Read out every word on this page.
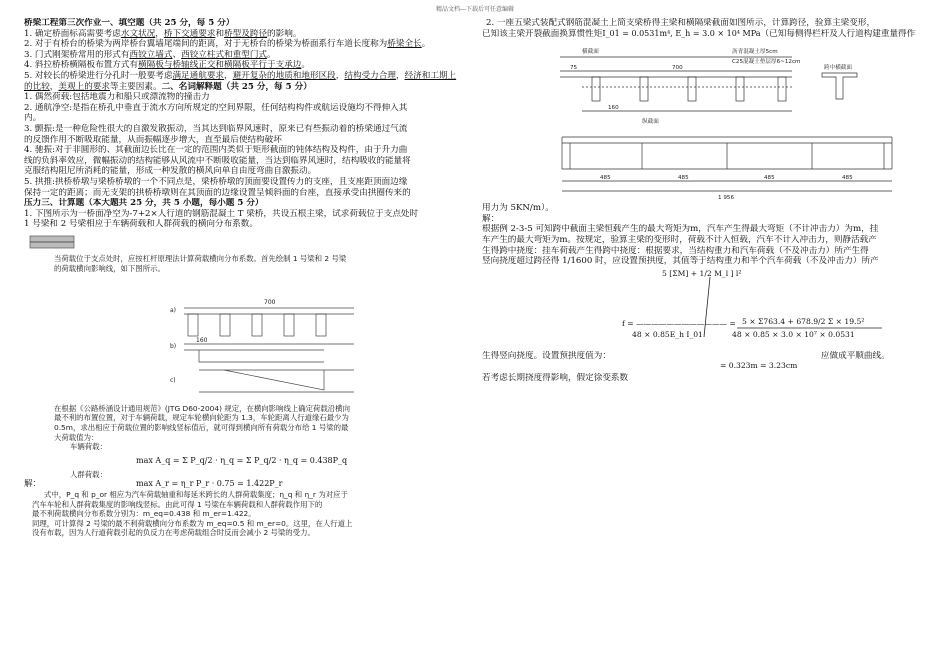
精品文档---下载后可任意编辑
桥梁工程第三次作业一、填空题（共 25 分，每 5 分）
1. 确定桥面标高需要考虑水文状况，桥下交通要求和桥型及跨径的影响。
2. 对于有桥台的桥梁为两岸桥台翼墙尾端间的距离，对于无桥台的桥梁为桥面系行车道长度称为桥梁全长。
3. 门式刚架桥常用的形式有西铰立墙式、西铰立柱式和重型门式。
4. 斜拉桥桥横隔板布置方式有横隔板与桥轴线正交和横隔板平行于支承边。
5. 对较长的桥梁进行分孔时一般要考虑满足通航要求，避开复杂的地质和地形区段，结构受力合理，经济和工期上的比较，美观上的要求等主要因素。二、名词解释题（共 25 分，每 5 分）
1. 偶然荷载:包括地震力和船只或漂流物的撞击力
2. 通航净空:是指在桥孔中垂直于流水方向所规定的空间界限，任何结构构件或航运设施均不得伸入其
内。
3. 颤振:是一种危险性很大的自激发散振动，当其达到临界风速时，原来已有些振动着的桥梁通过气流
的反馈作用不断吸取能量，从而振幅逐步增大，直至最后使结构破坏
4. 驰振:对于非圆形的、其截面边长比在一定的范围内类似于矩形截面的钝体结构及构件，由于升力曲
线的负斜率效应，微幅振动的结构能够从风流中不断吸收能量，当达到临界风速时，结构吸收的能量将
克服结构阻尼所消耗的能量，形成一种发散的横风向单自由度弯曲自激振动。
5. 拱推:拱桥桥墩与梁桥桥墩的一个不同点是，梁桥桥墩的顶面要设置传力的支座，且支座距顶面边缘
保持一定的距离；而无支架的拱桥桥墩则在其顶面的边缘设置呈倾斜面的台座，直接承受由拱圈传来的
压力三、计算题（本大题共 25 分，共 5 小题，每小题 5 分）
1. 下图所示为一桥面净空为-7+2×人行道的钢筋混凝土 T 梁桥，共设五根主梁，试求荷载位于支点处时
1 号梁和 2 号梁相应于车辆荷载和人群荷载的横向分布系数。
a)
b)
c)
700
160
当荷载位于支点处时，应按杠杆原理法计算荷载横向分布系数。首先绘制 1 号梁和 2 号梁
的荷载横向影响线，如下图所示。
在根据《公路桥涵设计通用规范》(JTG D60-2004) 规定，在横向影响线上确定荷载沿横向
最不利的布置位置，对于车辆荷载，规定车轮横向轮距为 1.3，车轮距离人行道缘石最少为
0.5m，求出相应于荷载位置的影响线竖标值后，就可得到横向所有荷载分布给 1 号梁的最
大荷载值为：
车辆荷载：
max A_q = Σ P_q/2 · η_q = Σ P_q/2 · η_q = 0.438P_q
人群荷载：
解：	max A_r = η_r P_r · 0.75 = 1.422P_r
式中，P_q 和 p_or 相应为汽车荷载轴重和每延米跨长的人群荷载集度；η_q 和 η_r 为对应于
汽车车轮和人群荷载集度的影响线竖标。由此可得 1 号梁在车辆荷载和人群荷载作用下的
最不利荷载横向分布系数分别为：m_eq=0.438 和 m_er=1.422。
同理，可计算得 2 号梁的最不利荷载横向分布系数为 m_eq=0.5 和 m_er=0。这里，在人行道上
没有布载，因为人行道荷载引起的负反力在考虑荷载组合时反而会减小 2 号梁的受力。
2. 一座五梁式装配式钢筋混凝土上简支梁桥得主梁和横隔梁截面如图所示，计算跨径，验算主梁变形，
已知该主梁开裂截面换算惯性矩I_01 = 0.0531m⁴, E_h = 3.0 × 10⁴ MPa（已知每侧得栏杆及人行道构建重量得作
横截面	沥青混凝土厚5cm
C25混凝土垫层厚6~12cm
纵截面
跨中横截面
75	700
160
485	485	485	485
1 956
用力为 5KN/m）。
解：
根据例 2-3-5 可知跨中截面主梁恒载产生的最大弯矩为m，汽车产生得最大弯矩（不计冲击力）为m，挂
车产生的最大弯矩为m。按规定，验算主梁的变形时，荷载不计入恒载，汽车不计入冲击力，则静活载产
生得跨中挠度：挂车荷载产生得跨中挠度：根据要求，当结构重力和汽车荷载（不及冲击力）所产生得
竖向挠度超过跨径得 1/1600 时，应设置预拱度，其值等于结构重力和半个汽车荷载（不及冲击力）所产
5 [ΣM] + 1/2 M_l ] l²
f = ———————————— =
48 × 0.85E_h I_01
5 × Σ763.4 + 678.9/2 Σ × 19.5²
48 × 0.85 × 3.0 × 10⁷ × 0.0531
生得竖向挠度。设置预拱度值为：	应做成平顺曲线。
= 0.323m = 3.23cm
若考虑长期挠度得影响，假定徐变系数
